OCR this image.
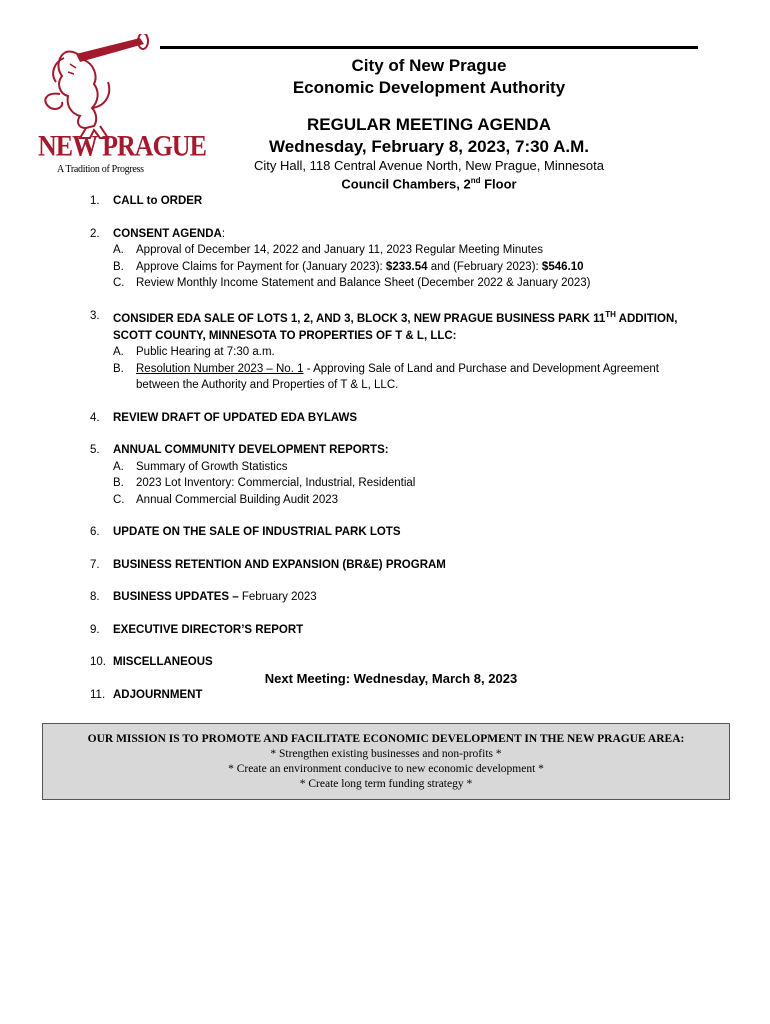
NEW PRAGUE
A Tradition of Progress
City of New Prague
Economic Development Authority
REGULAR MEETING AGENDA
Wednesday, February 8, 2023, 7:30 A.M.
City Hall, 118 Central Avenue North, New Prague, Minnesota
Council Chambers, 2nd Floor
1. CALL to ORDER
2. CONSENT AGENDA:
A. Approval of December 14, 2022 and January 11, 2023 Regular Meeting Minutes
B. Approve Claims for Payment for (January 2023): $233.54 and (February 2023): $546.10
C. Review Monthly Income Statement and Balance Sheet (December 2022 & January 2023)
3. CONSIDER EDA SALE OF LOTS 1, 2, AND 3, BLOCK 3, NEW PRAGUE BUSINESS PARK 11TH ADDITION,
SCOTT COUNTY, MINNESOTA TO PROPERTIES OF T & L, LLC:
A. Public Hearing at 7:30 a.m.
B. Resolution Number 2023 – No. 1 - Approving Sale of Land and Purchase and Development Agreement
between the Authority and Properties of T & L, LLC.
4. REVIEW DRAFT OF UPDATED EDA BYLAWS
5. ANNUAL COMMUNITY DEVELOPMENT REPORTS:
A. Summary of Growth Statistics
B. 2023 Lot Inventory: Commercial, Industrial, Residential
C. Annual Commercial Building Audit 2023
6. UPDATE ON THE SALE OF INDUSTRIAL PARK LOTS
7. BUSINESS RETENTION AND EXPANSION (BR&E) PROGRAM
8. BUSINESS UPDATES – February 2023
9. EXECUTIVE DIRECTOR’S REPORT
10. MISCELLANEOUS
11. ADJOURNMENT
Next Meeting: Wednesday, March 8, 2023
OUR MISSION IS TO PROMOTE AND FACILITATE ECONOMIC DEVELOPMENT IN THE NEW PRAGUE AREA:
* Strengthen existing businesses and non-profits *
* Create an environment conducive to new economic development *
* Create long term funding strategy *
